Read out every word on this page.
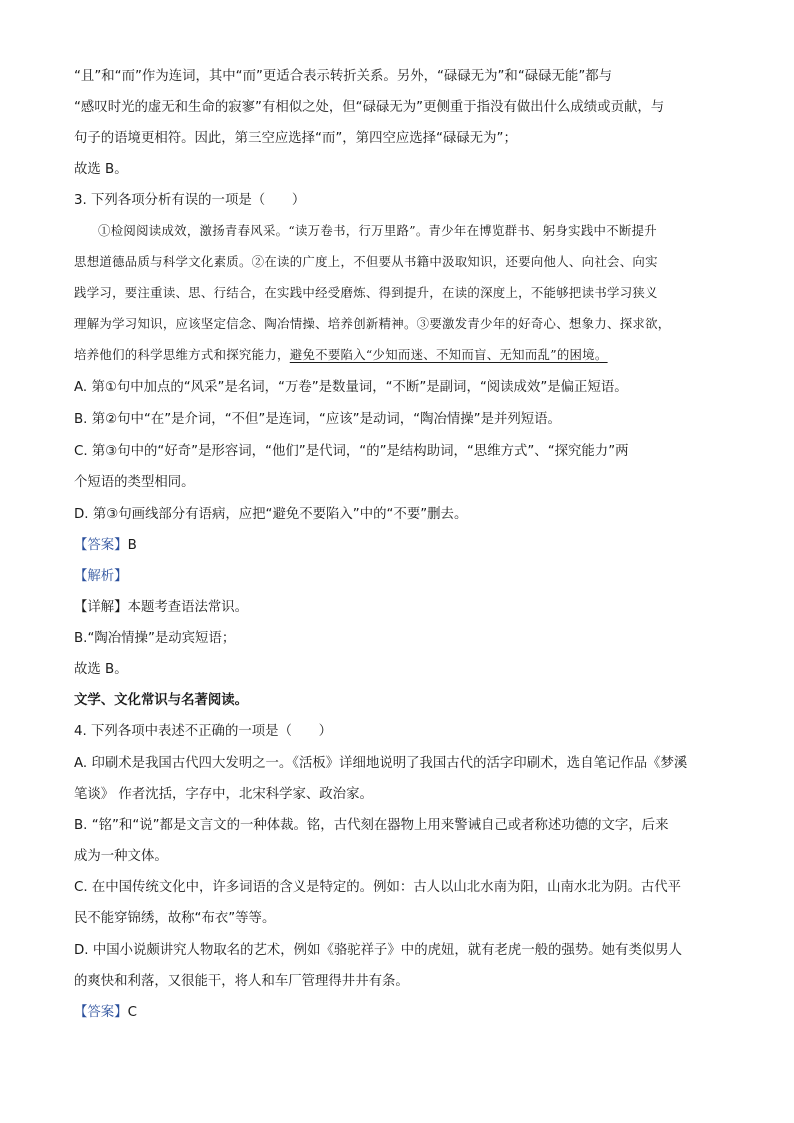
“且”和“而”作为连词，其中“而”更适合表示转折关系。另外，“碌碌无为”和“碌碌无能”都与
“感叹时光的虚无和生命的寂寥”有相似之处，但“碌碌无为”更侧重于指没有做出什么成绩或贡献，与
句子的语境更相符。因此，第三空应选择“而”，第四空应选择“碌碌无为”；
故选 B。
3. 下列各项分析有误的一项是（　　）
①检阅阅读成效，激扬青春风采。“读万卷书，行万里路”。青少年在博览群书、躬身实践中不断提升
思想道德品质与科学文化素质。②在读的广度上，不但要从书籍中汲取知识，还要向他人、向社会、向实
践学习，要注重读、思、行结合，在实践中经受磨炼、得到提升，在读的深度上，不能够把读书学习狭义
理解为学习知识，应该坚定信念、陶冶情操、培养创新精神。③要激发青少年的好奇心、想象力、探求欲，
培养他们的科学思维方式和探究能力，避免不要陷入“少知而迷、不知而盲、无知而乱”的困境。
A. 第①句中加点的“风采”是名词，“万卷”是数量词，“不断”是副词，“阅读成效”是偏正短语。
B. 第②句中“在”是介词，“不但”是连词，“应该”是动词，“陶冶情操”是并列短语。
C. 第③句中的“好奇”是形容词，“他们”是代词，“的”是结构助词，“思维方式”、“探究能力”两
个短语的类型相同。
D. 第③句画线部分有语病，应把“避免不要陷入”中的“不要”删去。
【答案】B
【解析】
【详解】本题考查语法常识。
B.“陶冶情操”是动宾短语；
故选 B。
文学、文化常识与名著阅读。
4. 下列各项中表述不正确的一项是（　　）
A. 印刷术是我国古代四大发明之一。《活板》详细地说明了我国古代的活字印刷术，选自笔记作品《梦溪
笔谈》 作者沈括，字存中，北宋科学家、政治家。
B. “铭”和“说”都是文言文的一种体裁。铭，古代刻在器物上用来警诫自己或者称述功德的文字，后来
成为一种文体。
C. 在中国传统文化中，许多词语的含义是特定的。例如：古人以山北水南为阳，山南水北为阴。古代平
民不能穿锦绣，故称“布衣”等等。
D. 中国小说颇讲究人物取名的艺术，例如《骆驼祥子》中的虎妞，就有老虎一般的强势。她有类似男人
的爽快和利落，又很能干，将人和车厂管理得井井有条。
【答案】C
